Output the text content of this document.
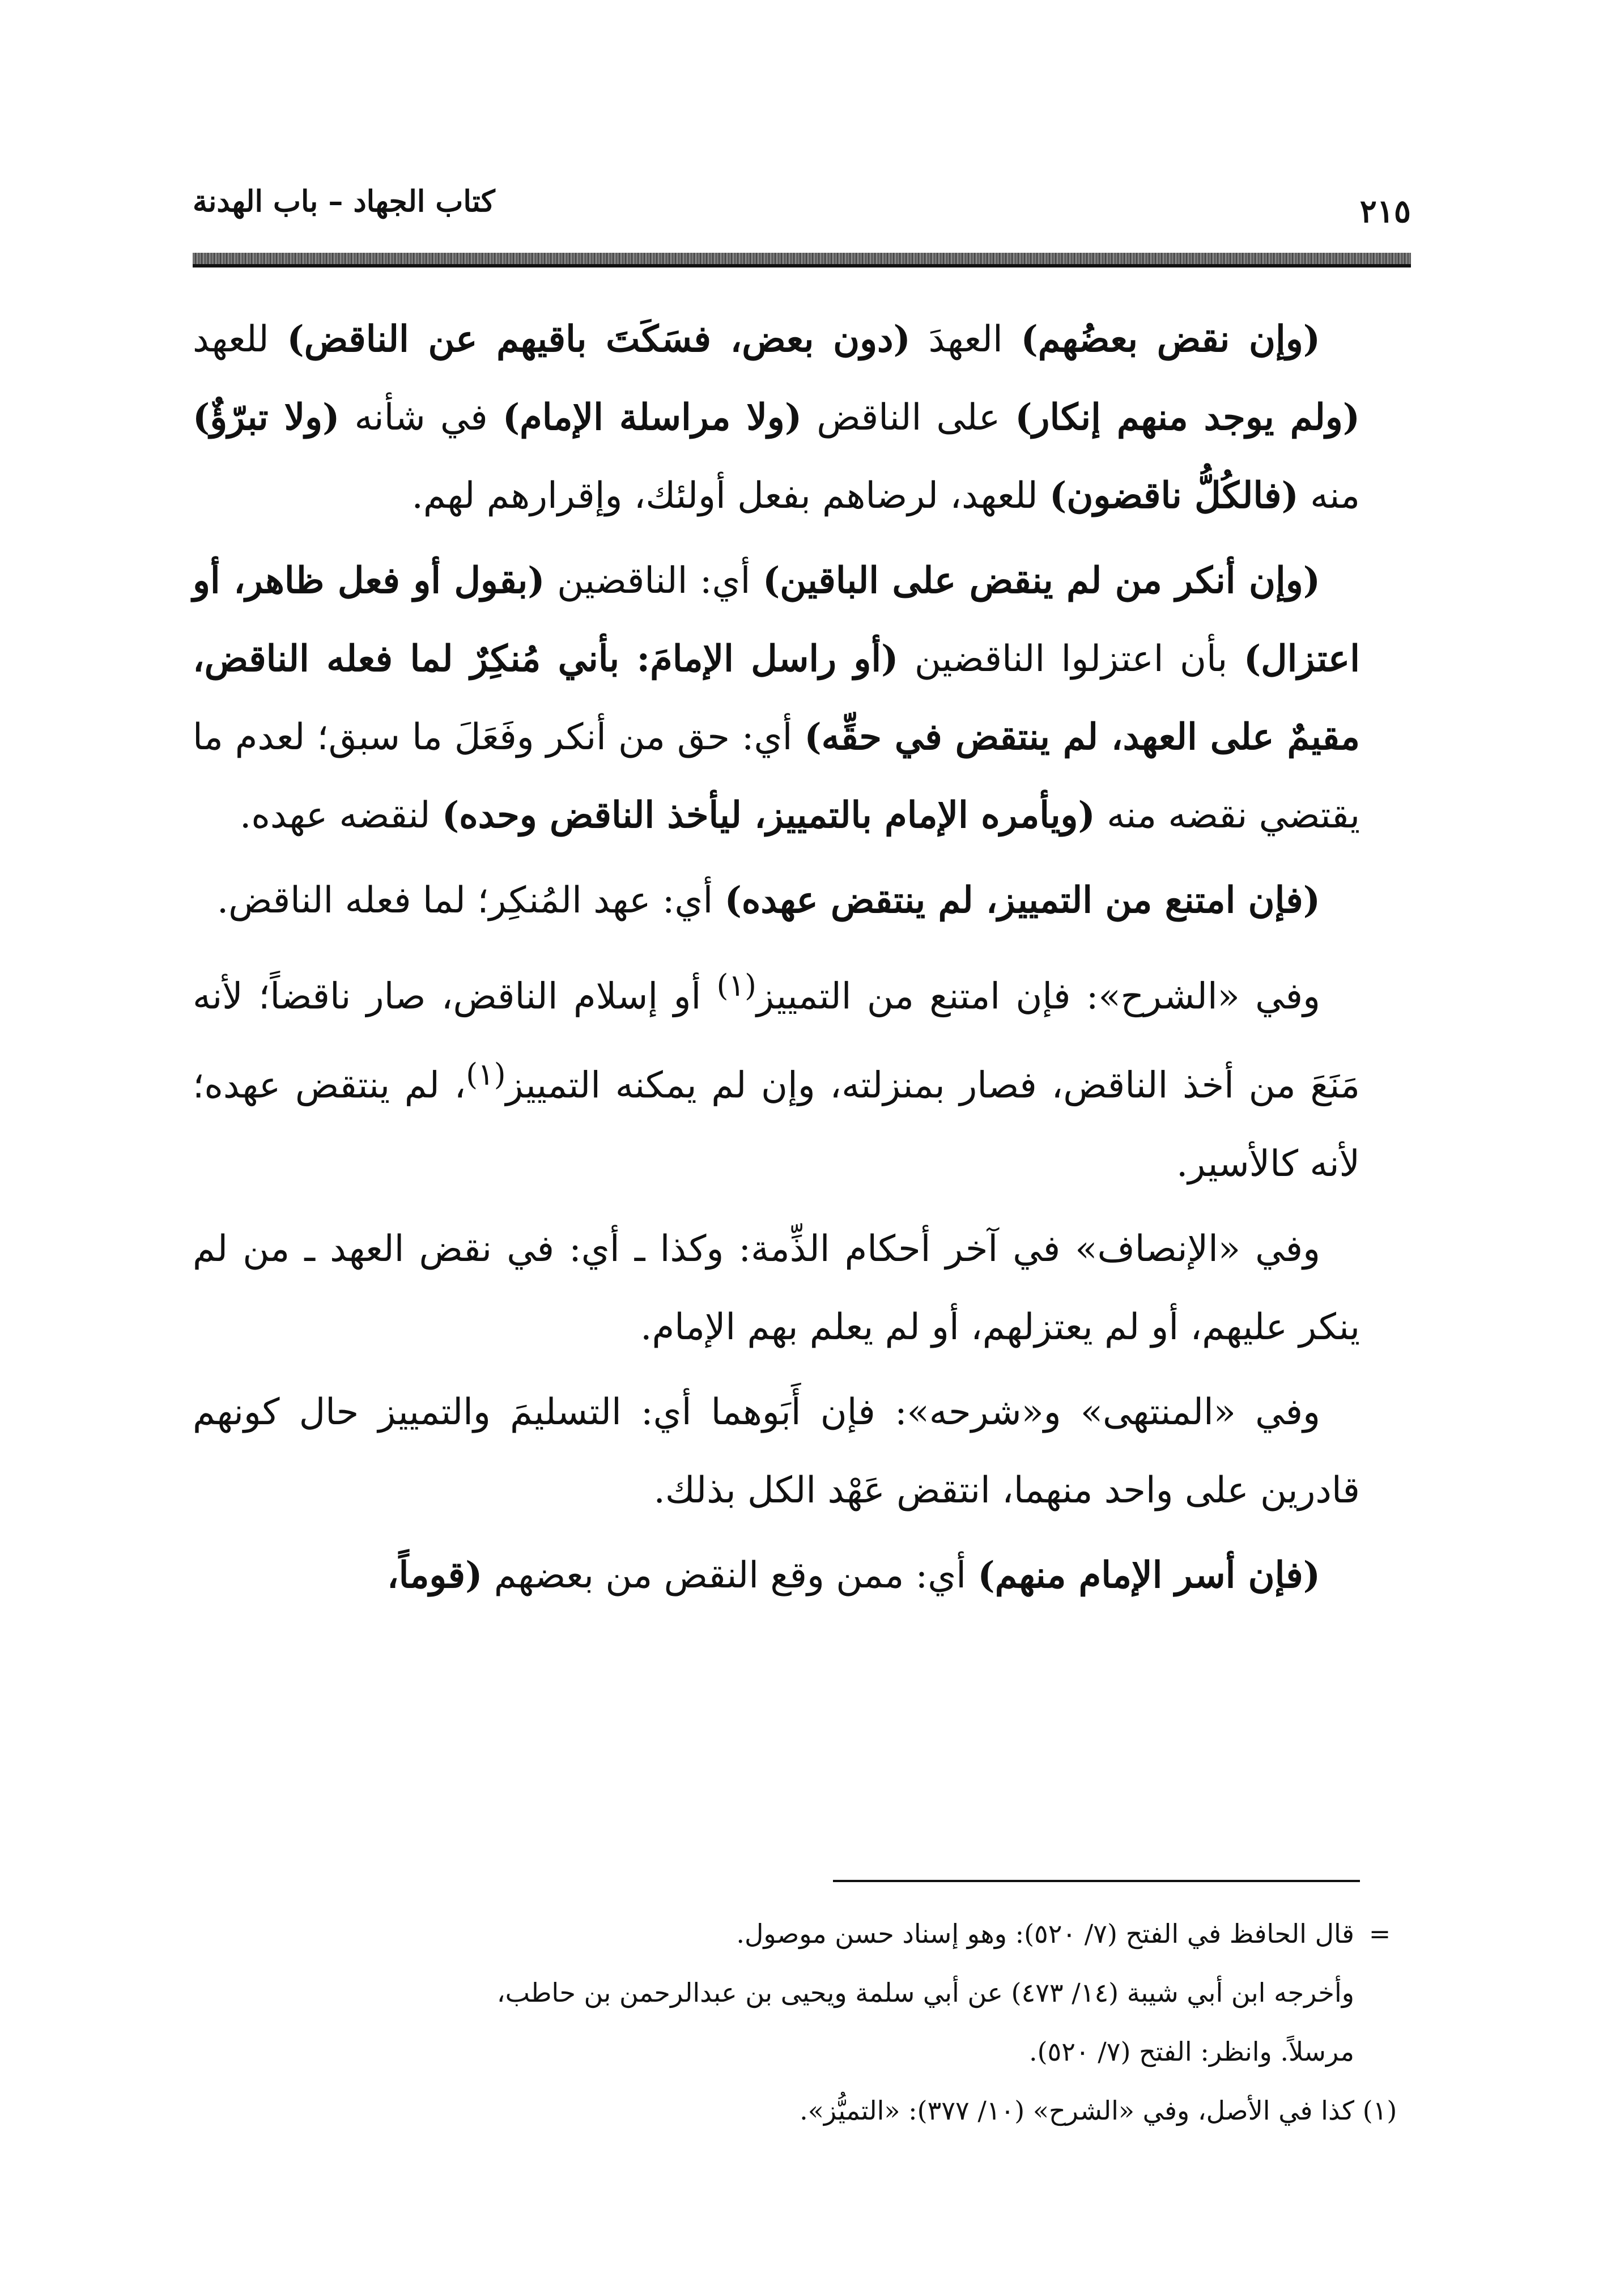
كتاب الجهاد – باب الهدنة	٢١٥

(وإن نقض بعضُهم) العهدَ (دون بعض، فسَكَتَ باقيهم عن الناقض) للعهد (ولم يوجد منهم إنكار) على الناقض (ولا مراسلة الإمام) في شأنه (ولا تبرّؤٌ) منه (فالكُلُّ ناقضون) للعهد، لرضاهم بفعل أولئك، وإقرارهم لهم.

(وإن أنكر من لم ينقض على الباقين) أي: الناقضين (بقول أو فعل ظاهر، أو اعتزال) بأن اعتزلوا الناقضين (أو راسل الإمامَ: بأني مُنكِرٌ لما فعله الناقض، مقيمٌ على العهد، لم ينتقض في حقِّه) أي: حق من أنكر وفَعَلَ ما سبق؛ لعدم ما يقتضي نقضه منه (ويأمره الإمام بالتمييز، ليأخذ الناقض وحده) لنقضه عهده.

(فإن امتنع من التمييز، لم ينتقض عهده) أي: عهد المُنكِر؛ لما فعله الناقض.

وفي «الشرح»: فإن امتنع من التمييز$^{(١)}$ أو إسلام الناقض، صار ناقضاً؛ لأنه مَنَعَ من أخذ الناقض، فصار بمنزلته، وإن لم يمكنه التمييز$^{(١)}$، لم ينتقض عهده؛ لأنه كالأسير.

وفي «الإنصاف» في آخر أحكام الذِّمة: وكذا ـ أي: في نقض العهد ـ من لم ينكر عليهم، أو لم يعتزلهم، أو لم يعلم بهم الإمام.

وفي «المنتهى» و«شرحه»: فإن أَبَوهما أي: التسليمَ والتمييز حال كونهم قادرين على واحد منهما، انتقض عَهْد الكل بذلك.

(فإن أسر الإمام منهم) أي: ممن وقع النقض من بعضهم (قوماً،

=قال الحافظ في الفتح (٧/ ٥٢٠): وهو إسناد حسن موصول.

وأخرجه ابن أبي شيبة (١٤/ ٤٧٣) عن أبي سلمة ويحيى بن عبدالرحمن بن حاطب،

مرسلاً. وانظر: الفتح (٧/ ٥٢٠).

(١)كذا في الأصل، وفي «الشرح» (١٠/ ٣٧٧): «التميُّز».
